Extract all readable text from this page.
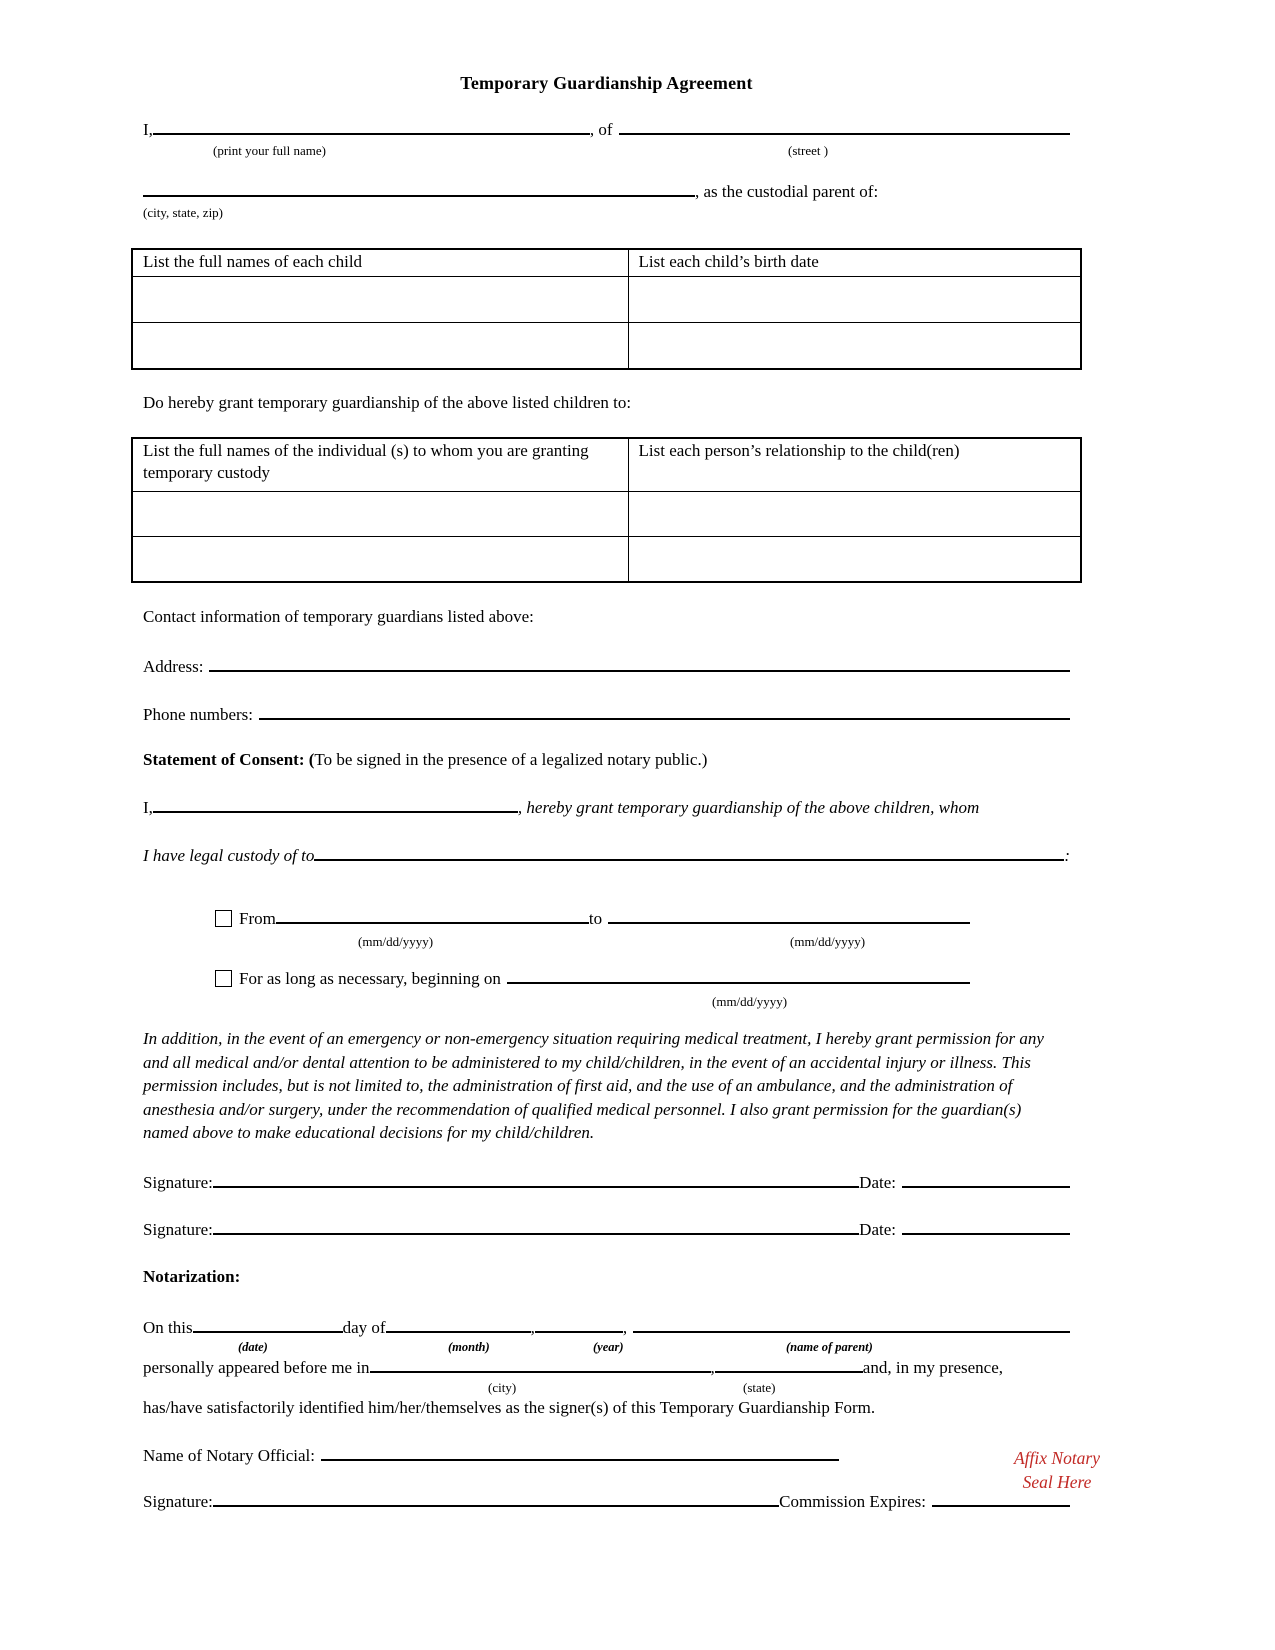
Temporary Guardianship Agreement
I,	, of
(print your full name)	(street )
, as the custodial parent of:
(city, state, zip)
List the full names of each child	List each child’s birth date

Do hereby grant temporary guardianship of the above listed children to:
List the full names of the individual (s) to whom you are granting temporary custody	List each person’s relationship to the child(ren)

Contact information of temporary guardians listed above:
Address:
Phone numbers:
Statement of Consent: (To be signed in the presence of a legalized notary public.)
I,	, hereby grant temporary guardianship of the above children, whom
I have legal custody of to	:
From	to
(mm/dd/yyyy)	(mm/dd/yyyy)
For as long as necessary, beginning on
(mm/dd/yyyy)
In addition, in the event of an emergency or non-emergency situation requiring medical treatment, I hereby grant permission for any and all medical and/or dental attention to be administered to my child/children, in the event of an accidental injury or illness. This permission includes, but is not limited to, the administration of first aid, and the use of an ambulance, and the administration of anesthesia and/or surgery, under the recommendation of qualified medical personnel. I also grant permission for the guardian(s) named above to make educational decisions for my child/children.
Signature:	Date:
Signature:	Date:
Notarization:
On this	day of	,	,
(date)	(month)	(year)	(name of parent)
personally appeared before me in	,	and, in my presence,
(city)	(state)
has/have satisfactorily identified him/her/themselves as the signer(s) of this Temporary Guardianship Form.
Name of Notary Official:
Signature:	Commission Expires:
Affix Notary
Seal Here
